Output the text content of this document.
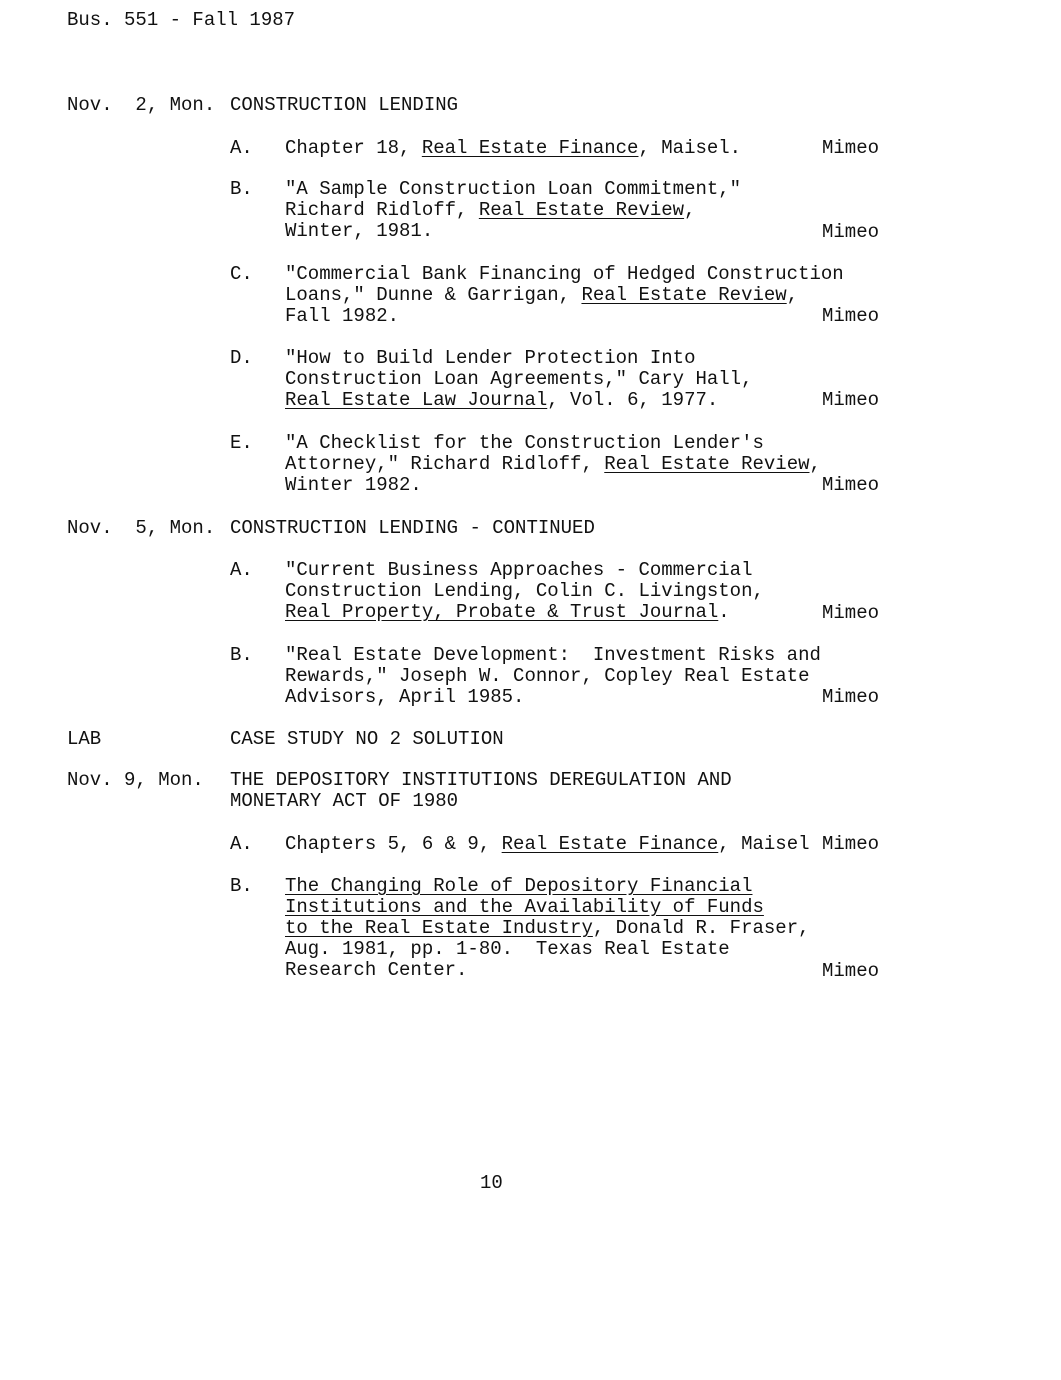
Bus. 551 - Fall 1987
Nov.  2, Mon. CONSTRUCTION LENDING
A. Chapter 18, Real Estate Finance, Maisel.	Mimeo
B. "A Sample Construction Loan Commitment,"
Richard Ridloff, Real Estate Review,
Winter, 1981.	Mimeo
C. "Commercial Bank Financing of Hedged Construction
Loans," Dunne & Garrigan, Real Estate Review,
Fall 1982.	Mimeo
D. "How to Build Lender Protection Into
Construction Loan Agreements," Cary Hall,
Real Estate Law Journal, Vol. 6, 1977.	Mimeo
E. "A Checklist for the Construction Lender's
Attorney," Richard Ridloff, Real Estate Review,
Winter 1982.	Mimeo
Nov.  5, Mon. CONSTRUCTION LENDING - CONTINUED
A. "Current Business Approaches - Commercial
Construction Lending, Colin C. Livingston,
Real Property, Probate & Trust Journal.	Mimeo
B. "Real Estate Development:  Investment Risks and
Rewards," Joseph W. Connor, Copley Real Estate
Advisors, April 1985.	Mimeo
LAB	CASE STUDY NO 2 SOLUTION
Nov. 9, Mon. THE DEPOSITORY INSTITUTIONS DEREGULATION AND
MONETARY ACT OF 1980
A. Chapters 5, 6 & 9, Real Estate Finance, Maisel Mimeo
B. The Changing Role of Depository Financial
Institutions and the Availability of Funds
to the Real Estate Industry, Donald R. Fraser,
Aug. 1981, pp. 1-80.  Texas Real Estate
Research Center.	Mimeo
10
